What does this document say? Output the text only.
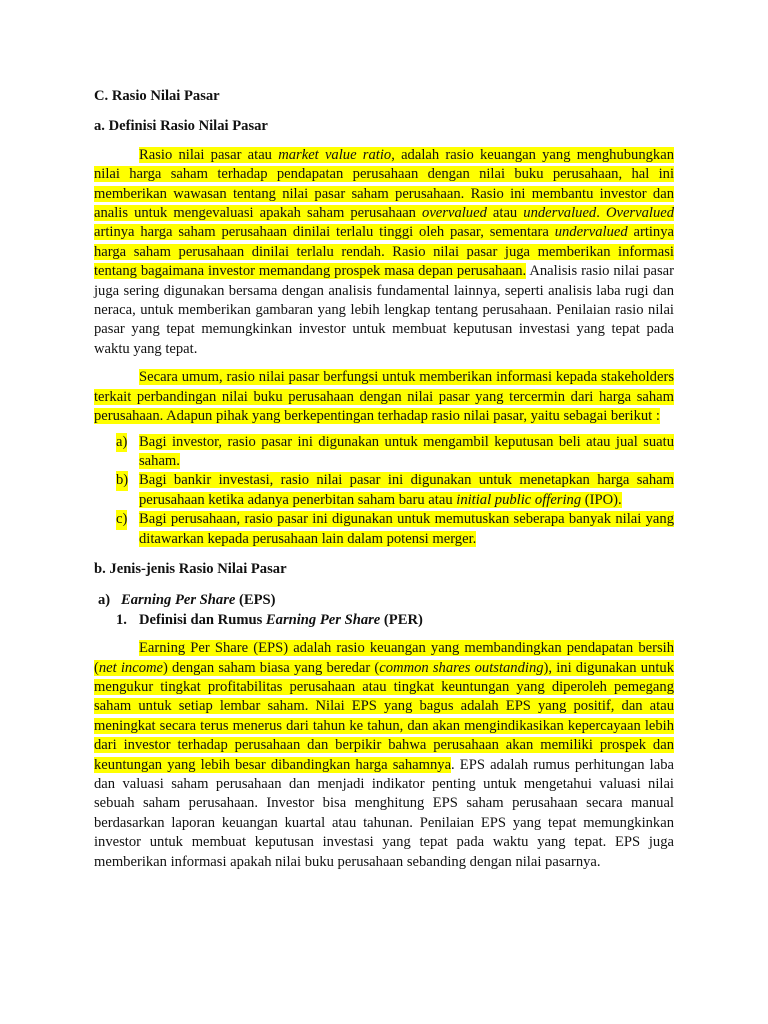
C. Rasio Nilai Pasar

a. Definisi Rasio Nilai Pasar

Rasio nilai pasar atau market value ratio, adalah rasio keuangan yang menghubungkan nilai harga saham terhadap pendapatan perusahaan dengan nilai buku perusahaan, hal ini memberikan wawasan tentang nilai pasar saham perusahaan. Rasio ini membantu investor dan analis untuk mengevaluasi apakah saham perusahaan overvalued atau undervalued. Overvalued artinya harga saham perusahaan dinilai terlalu tinggi oleh pasar, sementara undervalued artinya harga saham perusahaan dinilai terlalu rendah. Rasio nilai pasar juga memberikan informasi tentang bagaimana investor memandang prospek masa depan perusahaan. Analisis rasio nilai pasar juga sering digunakan bersama dengan analisis fundamental lainnya, seperti analisis laba rugi dan neraca, untuk memberikan gambaran yang lebih lengkap tentang perusahaan. Penilaian rasio nilai pasar yang tepat memungkinkan investor untuk membuat keputusan investasi yang tepat pada waktu yang tepat.

Secara umum, rasio nilai pasar berfungsi untuk memberikan informasi kepada stakeholders terkait perbandingan nilai buku perusahaan dengan nilai pasar yang tercermin dari harga saham perusahaan. Adapun pihak yang berkepentingan terhadap rasio nilai pasar, yaitu sebagai berikut :

a) Bagi investor, rasio pasar ini digunakan untuk mengambil keputusan beli atau jual suatu saham.
b) Bagi bankir investasi, rasio nilai pasar ini digunakan untuk menetapkan harga saham perusahaan ketika adanya penerbitan saham baru atau initial public offering (IPO).
c) Bagi perusahaan, rasio pasar ini digunakan untuk memutuskan seberapa banyak nilai yang ditawarkan kepada perusahaan lain dalam potensi merger.

b. Jenis-jenis Rasio Nilai Pasar

a) Earning Per Share (EPS)

1. Definisi dan Rumus Earning Per Share (PER)

Earning Per Share (EPS) adalah rasio keuangan yang membandingkan pendapatan bersih (net income) dengan saham biasa yang beredar (common shares outstanding), ini digunakan untuk mengukur tingkat profitabilitas perusahaan atau tingkat keuntungan yang diperoleh pemegang saham untuk setiap lembar saham. Nilai EPS yang bagus adalah EPS yang positif, dan atau meningkat secara terus menerus dari tahun ke tahun, dan akan mengindikasikan kepercayaan lebih dari investor terhadap perusahaan dan berpikir bahwa perusahaan akan memiliki prospek dan keuntungan yang lebih besar dibandingkan harga sahamnya. EPS adalah rumus perhitungan laba dan valuasi saham perusahaan dan menjadi indikator penting untuk mengetahui valuasi nilai sebuah saham perusahaan. Investor bisa menghitung EPS saham perusahaan secara manual berdasarkan laporan keuangan kuartal atau tahunan. Penilaian EPS yang tepat memungkinkan investor untuk membuat keputusan investasi yang tepat pada waktu yang tepat. EPS juga memberikan informasi apakah nilai buku perusahaan sebanding dengan nilai pasarnya.
